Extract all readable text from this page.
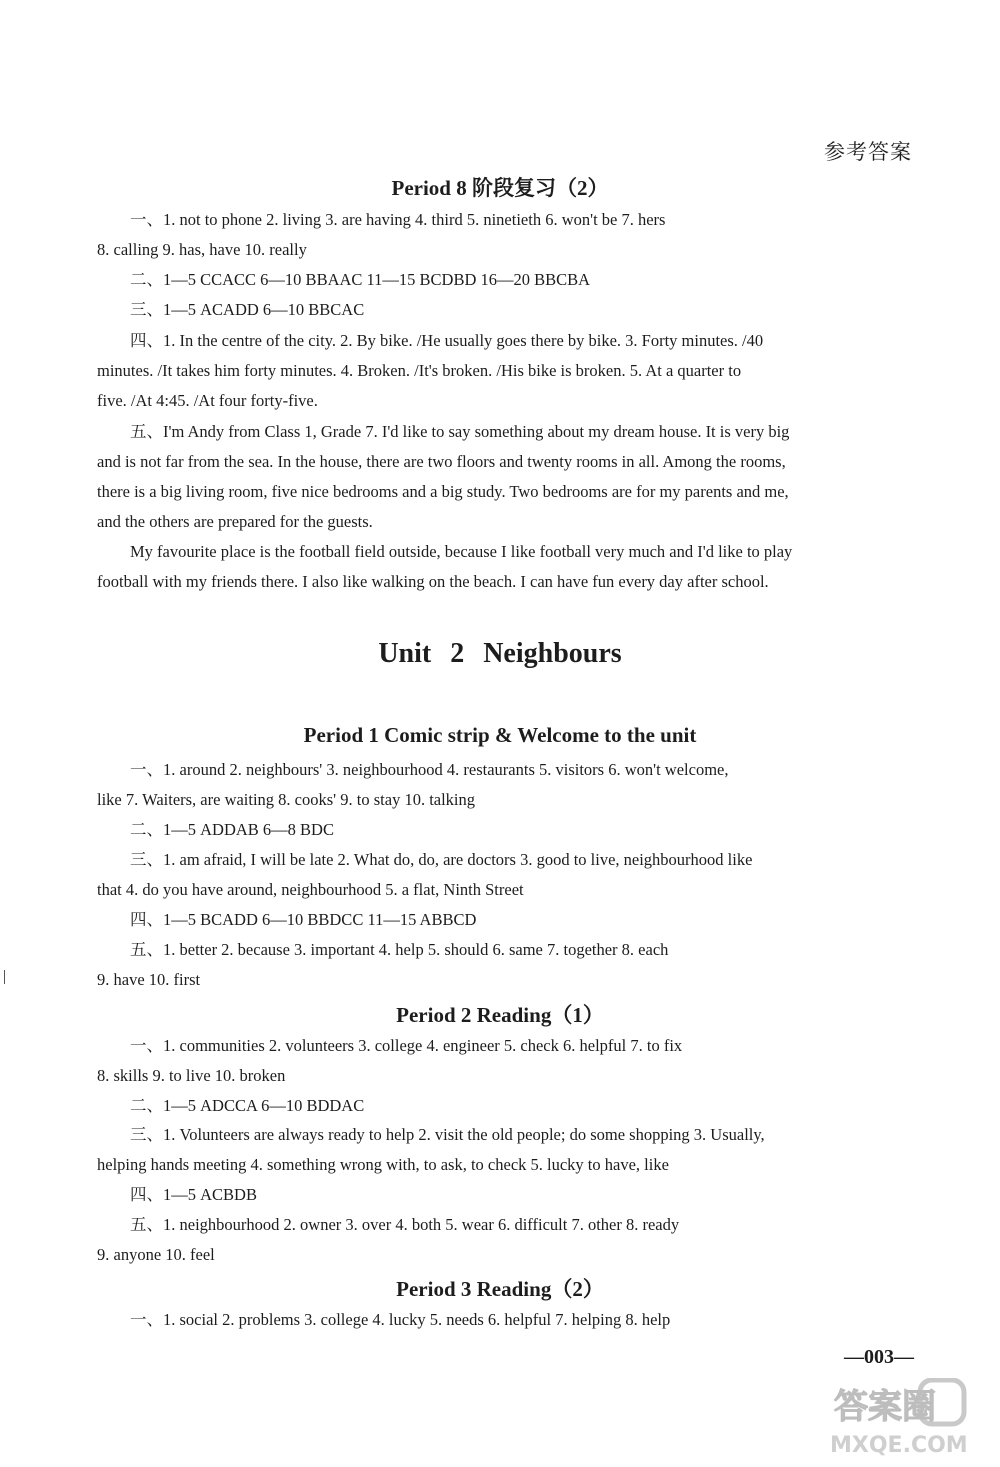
参考答案
Period 8 阶段复习（2）
一、1. not to phone 2. living 3. are having 4. third 5. ninetieth 6. won't be 7. hers
8. calling 9. has, have 10. really
二、1—5 CCACC 6—10 BBAAC 11—15 BCDBD 16—20 BBCBA
三、1—5 ACADD 6—10 BBCAC
四、1. In the centre of the city. 2. By bike. /He usually goes there by bike. 3. Forty minutes. /40
minutes. /It takes him forty minutes. 4. Broken. /It's broken. /His bike is broken. 5. At a quarter to
five. /At 4:45. /At four forty-five.
五、I'm Andy from Class 1, Grade 7. I'd like to say something about my dream house. It is very big
and is not far from the sea. In the house, there are two floors and twenty rooms in all. Among the rooms,
there is a big living room, five nice bedrooms and a big study. Two bedrooms are for my parents and me,
and the others are prepared for the guests.
My favourite place is the football field outside, because I like football very much and I'd like to play
football with my friends there. I also like walking on the beach. I can have fun every day after school.
Unit 2 Neighbours
Period 1 Comic strip & Welcome to the unit
一、1. around 2. neighbours' 3. neighbourhood 4. restaurants 5. visitors 6. won't welcome,
like 7. Waiters, are waiting 8. cooks' 9. to stay 10. talking
二、1—5 ADDAB 6—8 BDC
三、1. am afraid, I will be late 2. What do, do, are doctors 3. good to live, neighbourhood like
that 4. do you have around, neighbourhood 5. a flat, Ninth Street
四、1—5 BCADD 6—10 BBDCC 11—15 ABBCD
五、1. better 2. because 3. important 4. help 5. should 6. same 7. together 8. each
9. have 10. first
Period 2 Reading（1）
一、1. communities 2. volunteers 3. college 4. engineer 5. check 6. helpful 7. to fix
8. skills 9. to live 10. broken
二、1—5 ADCCA 6—10 BDDAC
三、1. Volunteers are always ready to help 2. visit the old people; do some shopping 3. Usually,
helping hands meeting 4. something wrong with, to ask, to check 5. lucky to have, like
四、1—5 ACBDB
五、1. neighbourhood 2. owner 3. over 4. both 5. wear 6. difficult 7. other 8. ready
9. anyone 10. feel
Period 3 Reading（2）
一、1. social 2. problems 3. college 4. lucky 5. needs 6. helpful 7. helping 8. help
—003—
答案圈
MXQE.COM
